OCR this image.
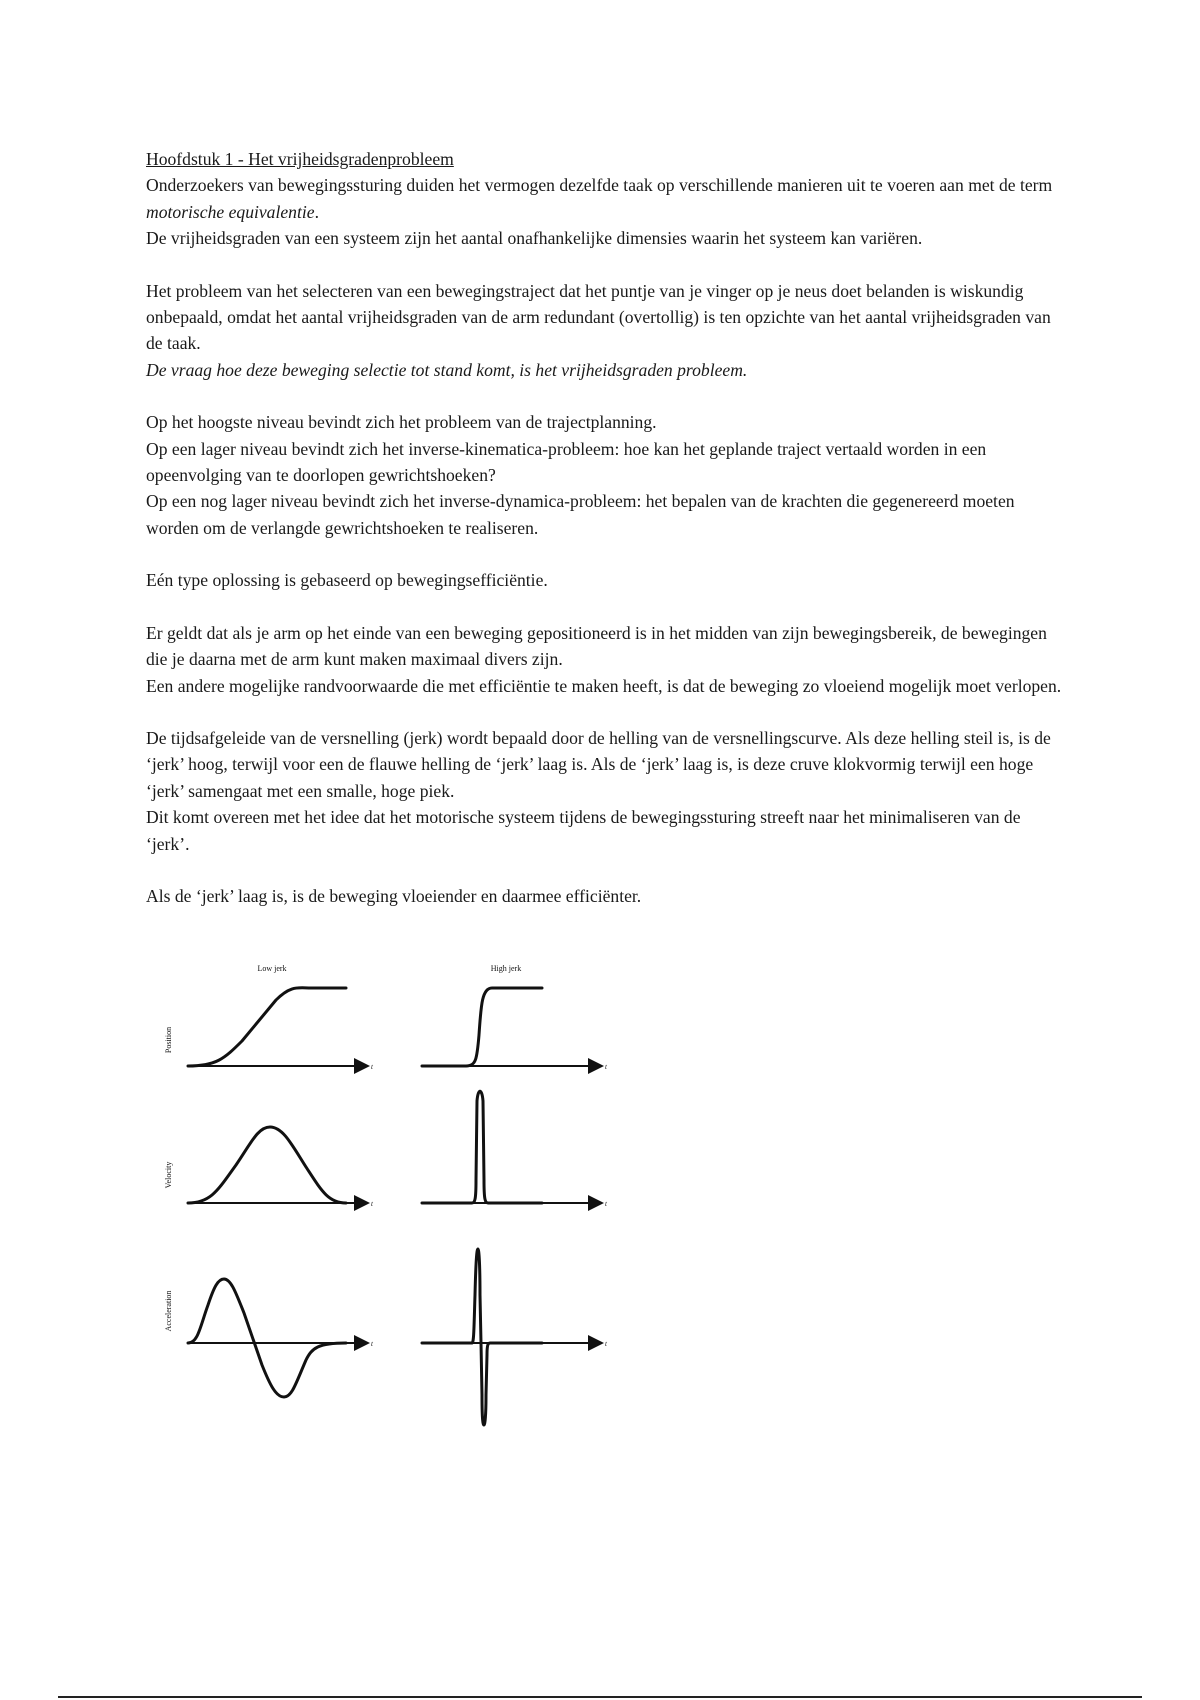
Hoofdstuk 1 - Het vrijheidsgradenprobleem

Onderzoekers van bewegingssturing duiden het vermogen dezelfde taak op verschillende manieren uit te voeren aan met de term motorische equivalentie.

De vrijheidsgraden van een systeem zijn het aantal onafhankelijke dimensies waarin het systeem kan variëren.

Het probleem van het selecteren van een bewegingstraject dat het puntje van je vinger op je neus doet belanden is wiskundig onbepaald, omdat het aantal vrijheidsgraden van de arm redundant (overtollig) is ten opzichte van het aantal vrijheidsgraden van de taak.

De vraag hoe deze beweging selectie tot stand komt, is het vrijheidsgraden probleem.

Op het hoogste niveau bevindt zich het probleem van de trajectplanning.

Op een lager niveau bevindt zich het inverse-kinematica-probleem: hoe kan het geplande traject vertaald worden in een opeenvolging van te doorlopen gewrichtshoeken?

Op een nog lager niveau bevindt zich het inverse-dynamica-probleem: het bepalen van de krachten die gegenereerd moeten worden om de verlangde gewrichtshoeken te realiseren.

Eén type oplossing is gebaseerd op bewegingsefficiëntie.

Er geldt dat als je arm op het einde van een beweging gepositioneerd is in het midden van zijn bewegingsbereik, de bewegingen die je daarna met de arm kunt maken maximaal divers zijn.

Een andere mogelijke randvoorwaarde die met efficiëntie te maken heeft, is dat de beweging zo vloeiend mogelijk moet verlopen.

De tijdsafgeleide van de versnelling (jerk) wordt bepaald door de helling van de versnellingscurve. Als deze helling steil is, is de ‘jerk’ hoog, terwijl voor een de flauwe helling de ‘jerk’ laag is. Als de ‘jerk’ laag is, is deze cruve klokvormig terwijl een hoge ‘jerk’ samengaat met een smalle, hoge piek.

Dit komt overeen met het idee dat het motorische systeem tijdens de bewegingssturing streeft naar het minimaliseren van de ‘jerk’.

Als de ‘jerk’ laag is, is de beweging vloeiender en daarmee efficiënter.

Low jerk	High jerk
Position
Velocity
Acceleration
t	t
t	t
t	t
